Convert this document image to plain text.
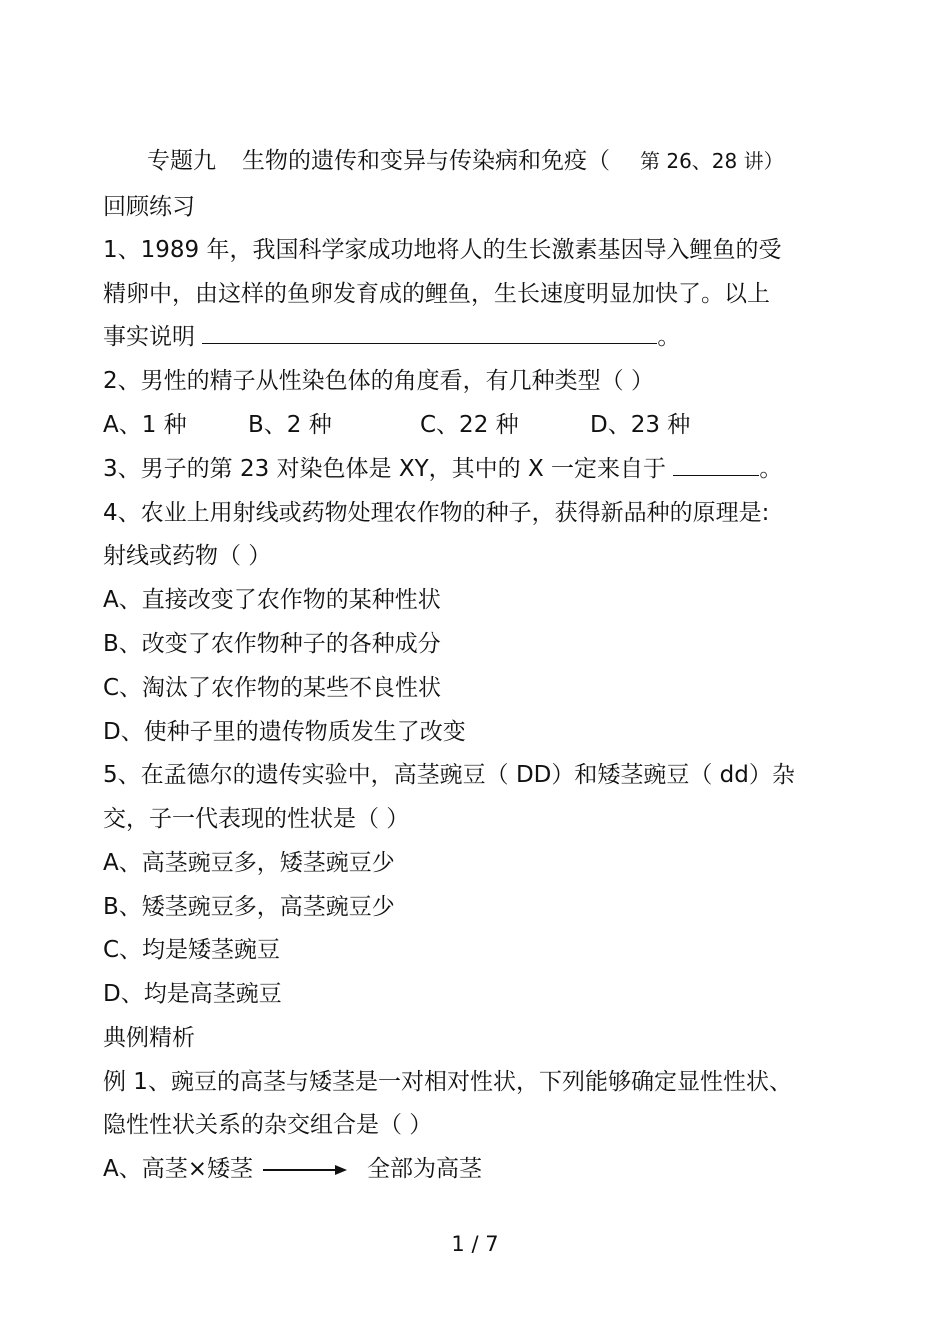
专题九 生物的遗传和变异与传染病和免疫（ 第 26、28 讲）
回顾练习
1、1989 年，我国科学家成功地将人的生长激素基因导入鲤鱼的受
精卵中，由这样的鱼卵发育成的鲤鱼，生长速度明显加快了。以上
事实说明	。
2、男性的精子从性染色体的角度看，有几种类型（ ）
A、1 种	B、2 种	C、22 种	D、23 种
3、男子的第 23 对染色体是 XY，其中的 X 一定来自于	。
4、农业上用射线或药物处理农作物的种子，获得新品种的原理是:
射线或药物（ ）
A、直接改变了农作物的某种性状
B、改变了农作物种子的各种成分
C、淘汰了农作物的某些不良性状
D、使种子里的遗传物质发生了改变
5、在孟德尔的遗传实验中，高茎豌豆（ DD）和矮茎豌豆（ dd）杂
交，子一代表现的性状是（ ）
A、高茎豌豆多，矮茎豌豆少
B、矮茎豌豆多，高茎豌豆少
C、均是矮茎豌豆
D、均是高茎豌豆
典例精析
例 1、豌豆的高茎与矮茎是一对相对性状，下列能够确定显性性状、
隐性性状关系的杂交组合是（ ）
A、高茎×矮茎	全部为高茎
1 / 7
